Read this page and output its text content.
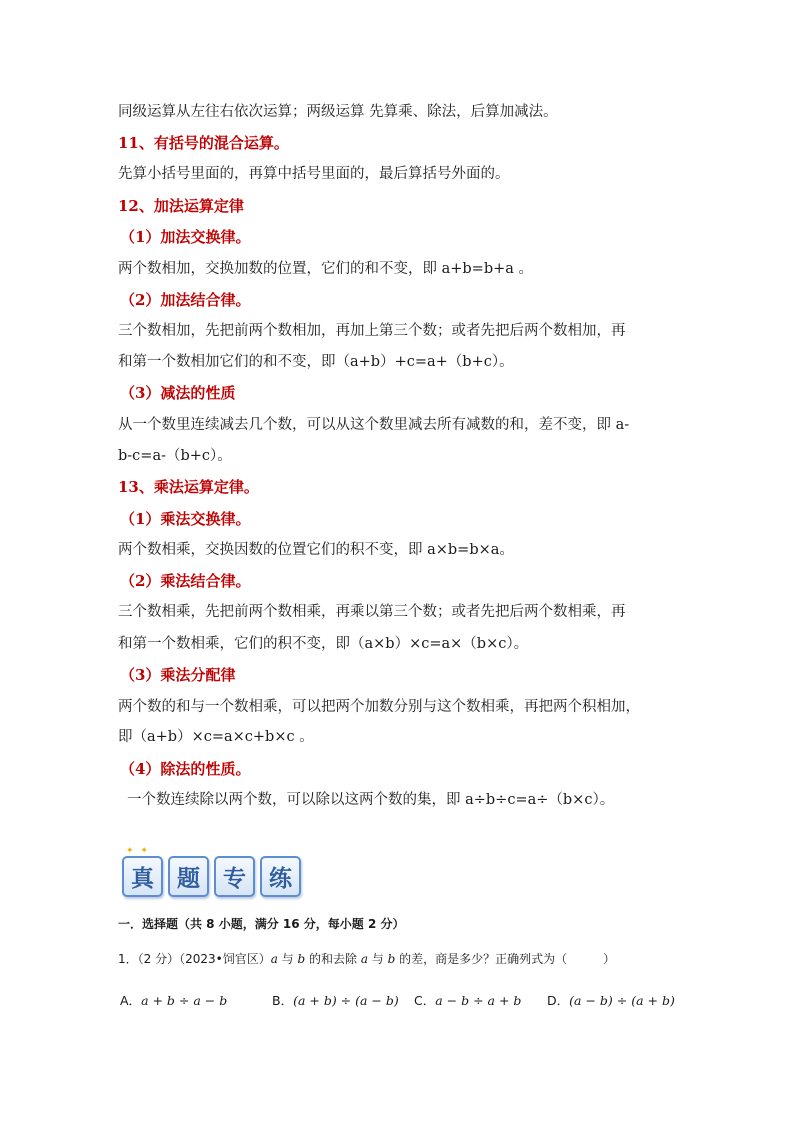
同级运算从左往右依次运算；两级运算 先算乘、除法，后算加减法。
11、有括号的混合运算。
先算小括号里面的，再算中括号里面的，最后算括号外面的。
12、加法运算定律
（1）加法交换律。
两个数相加，交换加数的位置，它们的和不变，即 a+b=b+a 。
（2）加法结合律。
三个数相加，先把前两个数相加，再加上第三个数；或者先把后两个数相加，再
和第一个数相加它们的和不变，即（a+b）+c=a+（b+c）。
（3）减法的性质
从一个数里连续减去几个数，可以从这个数里减去所有减数的和，差不变，即 a-
b-c=a-（b+c）。
13、乘法运算定律。
（1）乘法交换律。
两个数相乘，交换因数的位置它们的积不变，即 a×b=b×a。
（2）乘法结合律。
三个数相乘，先把前两个数相乘，再乘以第三个数；或者先把后两个数相乘，再
和第一个数相乘，它们的积不变，即（a×b）×c=a×（b×c）。
（3）乘法分配律
两个数的和与一个数相乘，可以把两个加数分别与这个数相乘，再把两个积相加，
即（a+b）×c=a×c+b×c 。
（4）除法的性质。
一个数连续除以两个数，可以除以这两个数的集，即 a÷b÷c=a÷（b×c）。
✦ ✦
真	题	专	练
一．选择题（共 8 小题，满分 16 分，每小题 2 分）
1．（2 分）（2023•饲官区）a 与 b 的和去除 a 与 b 的差，商是多少？正确列式为（	）
A．a + b ÷ a − b	B．(a + b) ÷ (a − b) C．a − b ÷ a + b D．(a − b) ÷ (a + b)
